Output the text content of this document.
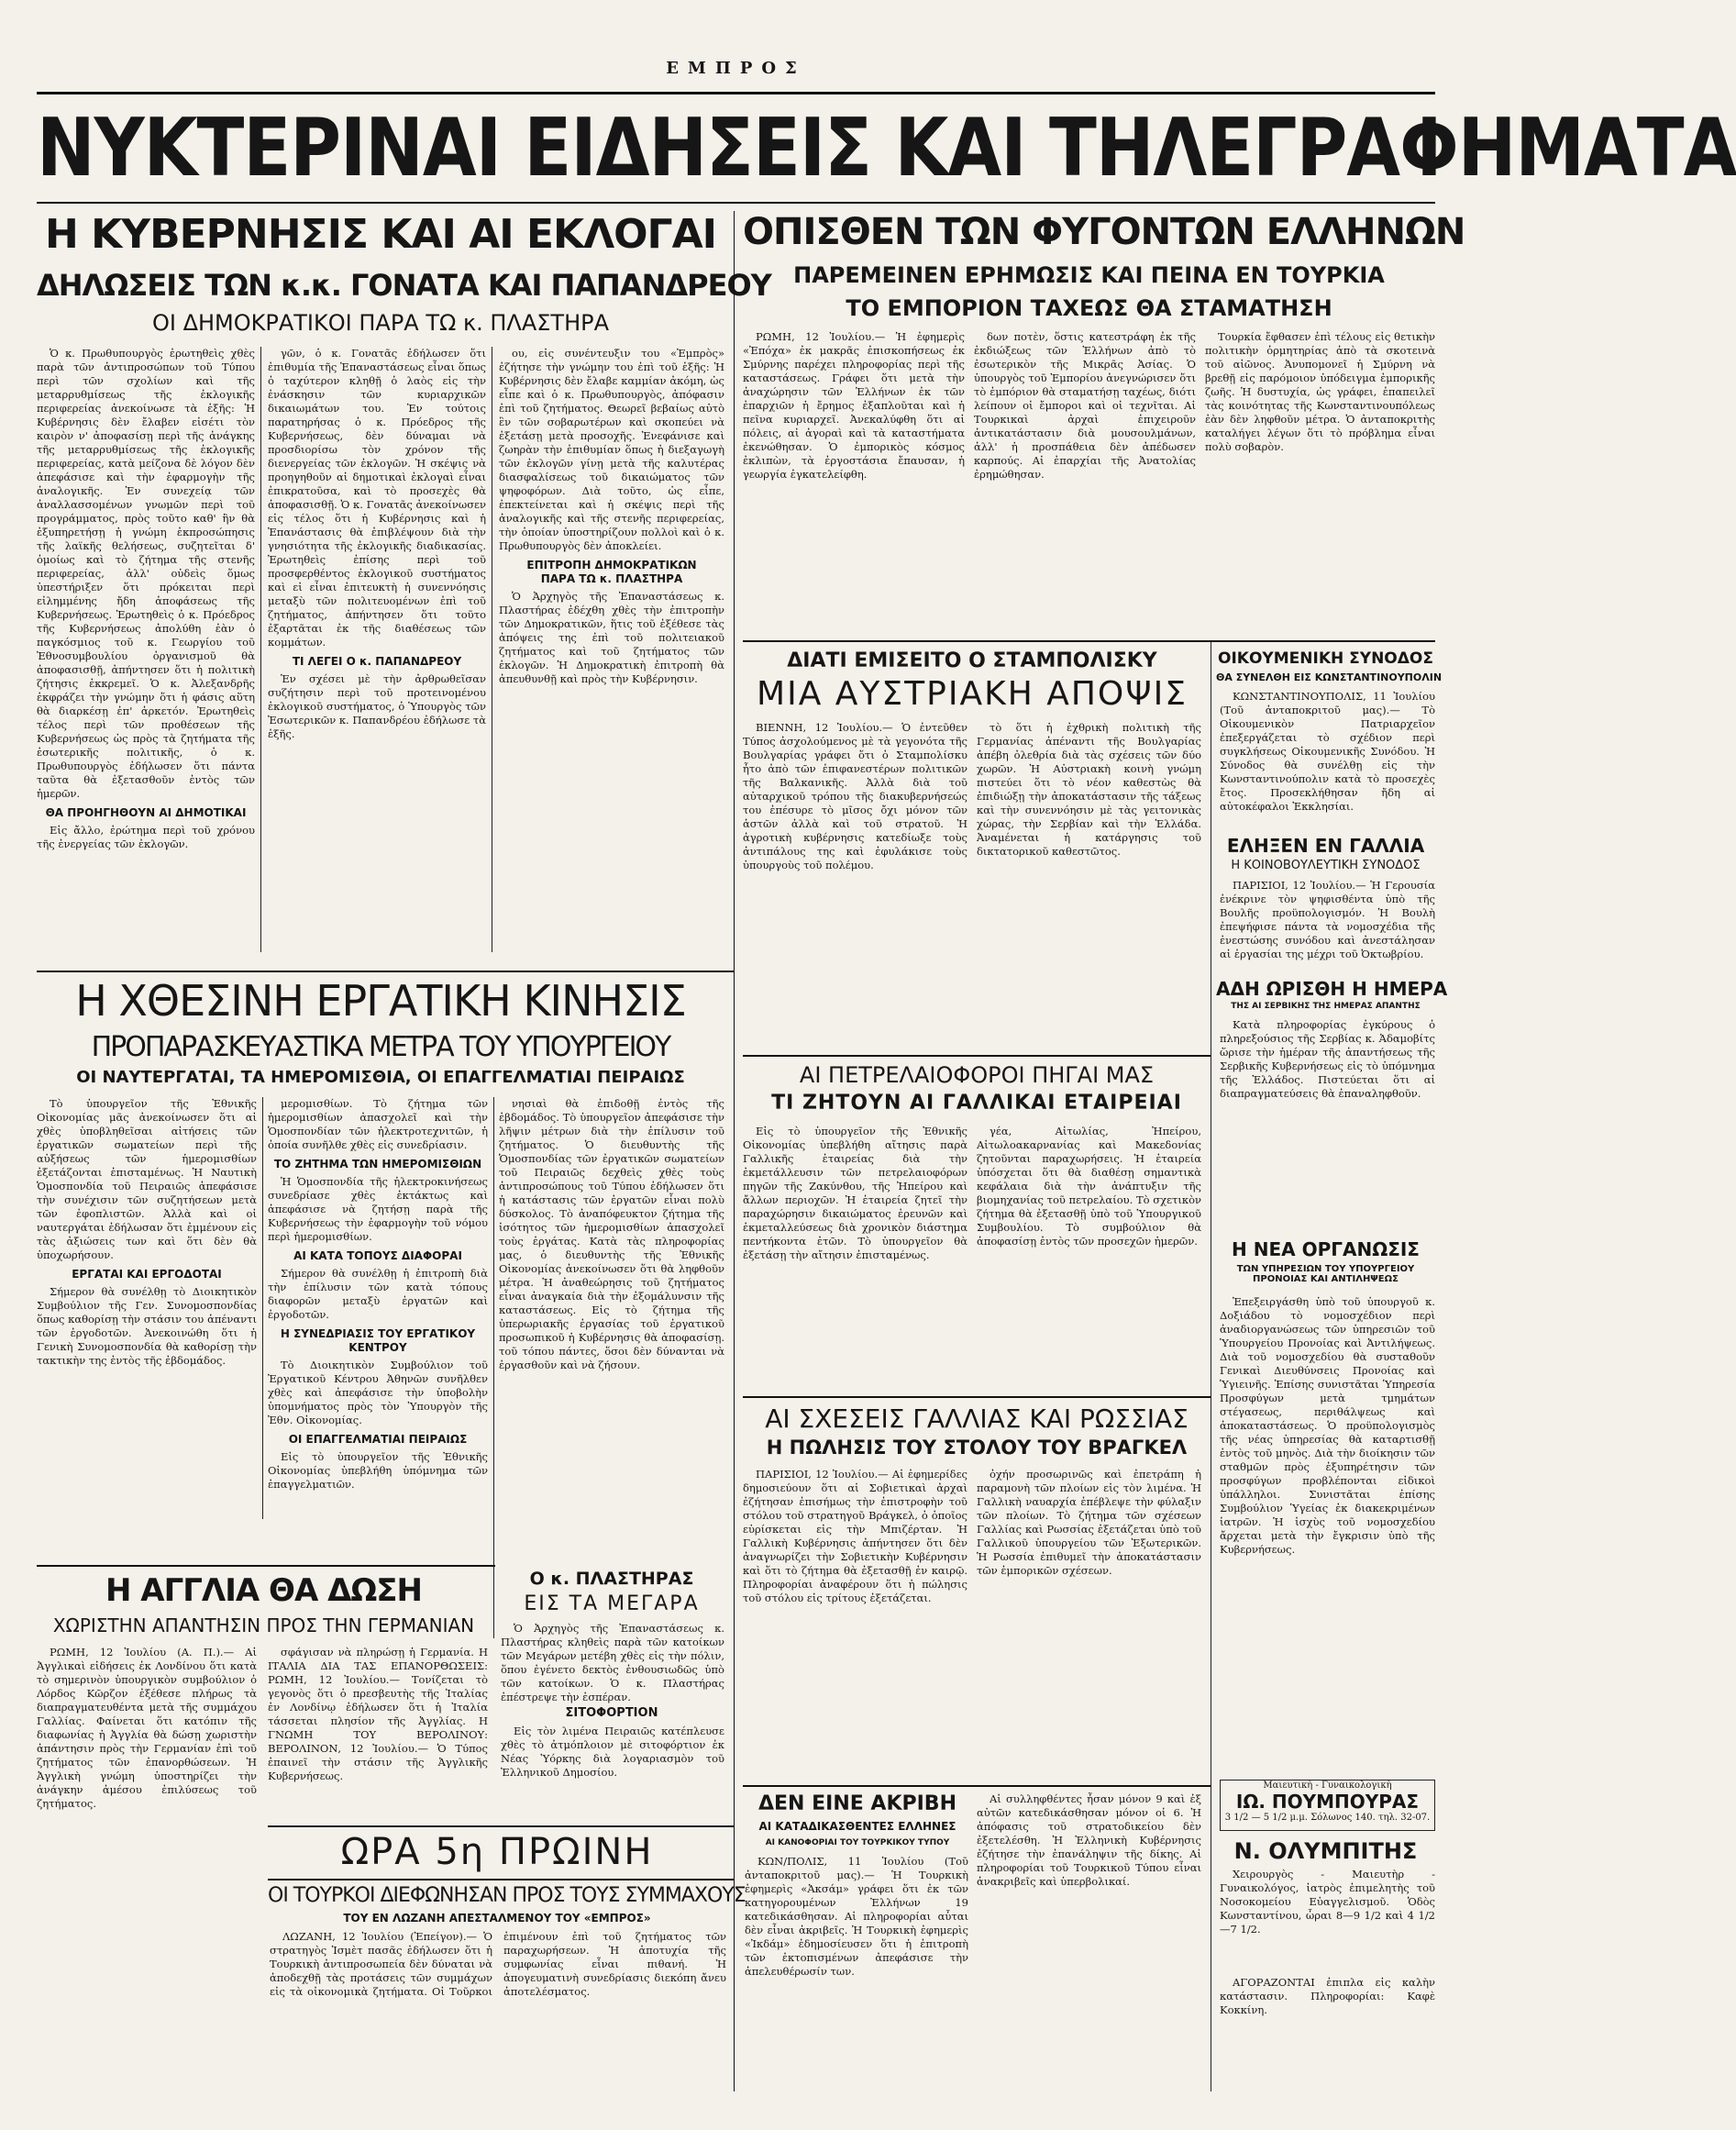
ΕΜΠΡΟΣ
ΝΥΚΤΕΡΙΝΑΙ ΕΙΔΗΣΕΙΣ ΚΑΙ ΤΗΛΕΓΡΑΦΗΜΑΤΑ
Η ΚΥΒΕΡΝΗΣΙΣ ΚΑΙ ΑΙ ΕΚΛΟΓΑΙ
ΔΗΛΩΣΕΙΣ ΤΩΝ κ.κ. ΓΟΝΑΤΑ ΚΑΙ ΠΑΠΑΝΔΡΕΟΥ
ΟΙ ΔΗΜΟΚΡΑΤΙΚΟΙ ΠΑΡΑ ΤΩ κ. ΠΛΑΣΤΗΡΑ

Ὁ κ. Πρωθυπουργὸς ἐρωτηθεὶς χθὲς παρὰ τῶν ἀντιπροσώπων τοῦ Τύπου περὶ τῶν σχολίων καὶ τῆς μεταρρυθμίσεως τῆς ἐκλογικῆς περιφερείας ἀνεκοίνωσε τὰ ἑξῆς: Ἡ Κυβέρνησις δὲν ἔλαβεν εἰσέτι τὸν καιρὸν ν' ἀποφασίσῃ περὶ τῆς ἀνάγκης τῆς μεταρρυθμίσεως τῆς ἐκλογικῆς περιφερείας, κατὰ μείζονα δὲ λόγον δὲν ἀπεφάσισε καὶ τὴν ἐφαρμογὴν τῆς ἀναλογικῆς. Ἐν συνεχείᾳ τῶν ἀναλλασσομένων γνωμῶν περὶ τοῦ προγράμματος, πρὸς τοῦτο καθ' ἣν θὰ ἐξυπηρετήσῃ ἡ γνώμη ἐκπροσώπησις τῆς λαϊκῆς θελήσεως, συζητεῖται δ' ὁμοίως καὶ τὸ ζήτημα τῆς στενῆς περιφερείας, ἀλλ' οὐδεὶς ὅμως ὑπεστήριξεν ὅτι πρόκειται περὶ εἰλημμένης ἤδη ἀποφάσεως τῆς Κυβερνήσεως. Ἐρωτηθεὶς ὁ κ. Πρόεδρος τῆς Κυβερνήσεως ἀπολύθη ἐὰν ὁ παγκόσμιος τοῦ κ. Γεωργίου τοῦ Ἐθνοσυμβουλίου ὀργανισμοῦ θὰ ἀποφασισθῇ, ἀπήντησεν ὅτι ἡ πολιτικὴ ζήτησις ἐκκρεμεῖ. Ὁ κ. Ἀλεξανδρῆς ἐκφράζει τὴν γνώμην ὅτι ἡ φάσις αὕτη θὰ διαρκέσῃ ἐπ' ἀρκετόν. Ἐρωτηθεὶς τέλος περὶ τῶν προθέσεων τῆς Κυβερνήσεως ὡς πρὸς τὰ ζητήματα τῆς ἐσωτερικῆς πολιτικῆς, ὁ κ. Πρωθυπουργὸς ἐδήλωσεν ὅτι πάντα ταῦτα θὰ ἐξετασθοῦν ἐντὸς τῶν ἡμερῶν.

ΘΑ ΠΡΟΗΓΗΘΟΥΝ ΑΙ ΔΗΜΟΤΙΚΑΙ

Εἰς ἄλλο, ἐρώτημα περὶ τοῦ χρόνου τῆς ἐνεργείας τῶν ἐκλογῶν.

γῶν, ὁ κ. Γονατᾶς ἐδήλωσεν ὅτι ἐπιθυμία τῆς Ἐπαναστάσεως εἶναι ὅπως ὁ ταχύτερον κληθῇ ὁ λαὸς εἰς τὴν ἐνάσκησιν τῶν κυριαρχικῶν δικαιωμάτων του. Ἐν τούτοις παρατηρήσας ὁ κ. Πρόεδρος τῆς Κυβερνήσεως, δὲν δύναμαι νὰ προσδιορίσω τὸν χρόνον τῆς διενεργείας τῶν ἐκλογῶν. Ἡ σκέψις νὰ προηγηθοῦν αἱ δημοτικαὶ ἐκλογαὶ εἶναι ἐπικρατοῦσα, καὶ τὸ προσεχὲς θὰ ἀποφασισθῇ. Ὁ κ. Γονατᾶς ἀνεκοίνωσεν εἰς τέλος ὅτι ἡ Κυβέρνησις καὶ ἡ Ἐπανάστασις θὰ ἐπιβλέψουν διὰ τὴν γνησιότητα τῆς ἐκλογικῆς διαδικασίας. Ἐρωτηθεὶς ἐπίσης περὶ τοῦ προσφερθέντος ἐκλογικοῦ συστήματος καὶ εἰ εἶναι ἐπιτευκτὴ ἡ συνεννόησις μεταξὺ τῶν πολιτευομένων ἐπὶ τοῦ ζητήματος, ἀπήντησεν ὅτι τοῦτο ἐξαρτᾶται ἐκ τῆς διαθέσεως τῶν κομμάτων.

ΤΙ ΛΕΓΕΙ Ο κ. ΠΑΠΑΝΔΡΕΟΥ

Ἐν σχέσει μὲ τὴν ἀρθρωθεῖσαν συζήτησιν περὶ τοῦ προτεινομένου ἐκλογικοῦ συστήματος, ὁ Ὑπουργὸς τῶν Ἐσωτερικῶν κ. Παπανδρέου ἐδήλωσε τὰ ἑξῆς.

ου, εἰς συνέντευξιν του «Ἐμπρὸς» ἐζήτησε τὴν γνώμην του ἐπὶ τοῦ ἑξῆς: Ἡ Κυβέρνησις δὲν ἔλαβε καμμίαν ἀκόμη, ὡς εἶπε καὶ ὁ κ. Πρωθυπουργὸς, ἀπόφασιν ἐπὶ τοῦ ζητήματος. Θεωρεῖ βεβαίως αὐτὸ ἓν τῶν σοβαρωτέρων καὶ σκοπεύει νὰ ἐξετάσῃ μετὰ προσοχῆς. Ἐνεφάνισε καὶ ζωηρὰν τὴν ἐπιθυμίαν ὅπως ἡ διεξαγωγὴ τῶν ἐκλογῶν γίνῃ μετὰ τῆς καλυτέρας διασφαλίσεως τοῦ δικαιώματος τῶν ψηφοφόρων. Διὰ τοῦτο, ὡς εἶπε, ἐπεκτείνεται καὶ ἡ σκέψις περὶ τῆς ἀναλογικῆς καὶ τῆς στενῆς περιφερείας, τὴν ὁποίαν ὑποστηρίζουν πολλοὶ καὶ ὁ κ. Πρωθυπουργὸς δὲν ἀποκλείει.

ΕΠΙΤΡΟΠΗ ΔΗΜΟΚΡΑΤΙΚΩΝ
ΠΑΡΑ ΤΩ κ. ΠΛΑΣΤΗΡΑ

Ὁ Ἀρχηγὸς τῆς Ἐπαναστάσεως κ. Πλαστήρας ἐδέχθη χθὲς τὴν ἐπιτροπὴν τῶν Δημοκρατικῶν, ἥτις τοῦ ἐξέθεσε τὰς ἀπόψεις της ἐπὶ τοῦ πολιτειακοῦ ζητήματος καὶ τοῦ ζητήματος τῶν ἐκλογῶν. Ἡ Δημοκρατικὴ ἐπιτροπὴ θὰ ἀπευθυνθῇ καὶ πρὸς τὴν Κυβέρνησιν.

ΟΠΙΣΘΕΝ ΤΩΝ ΦΥΓΟΝΤΩΝ ΕΛΛΗΝΩΝ
ΠΑΡΕΜΕΙΝΕΝ ΕΡΗΜΩΣΙΣ ΚΑΙ ΠΕΙΝΑ ΕΝ ΤΟΥΡΚΙΑ
ΤΟ ΕΜΠΟΡΙΟΝ ΤΑΧΕΩΣ ΘΑ ΣΤΑΜΑΤΗΣΗ

ΡΩΜΗ, 12 Ἰουλίου.— Ἡ ἐφημερὶς «Ἐπόχα» ἐκ μακρᾶς ἐπισκοπήσεως ἐκ Σμύρνης παρέχει πληροφορίας περὶ τῆς καταστάσεως. Γράφει ὅτι μετὰ τὴν ἀναχώρησιν τῶν Ἑλλήνων ἐκ τῶν ἐπαρχιῶν ἡ ἔρημος ἐξαπλοῦται καὶ ἡ πεῖνα κυριαρχεῖ. Ἀνεκαλύφθη ὅτι αἱ πόλεις, αἱ ἀγοραὶ καὶ τὰ καταστήματα ἐκενώθησαν. Ὁ ἐμπορικὸς κόσμος ἐκλιπὼν, τὰ ἐργοστάσια ἔπαυσαν, ἡ γεωργία ἐγκατελείφθη.

δων ποτὲν, ὅστις κατεστράφη ἐκ τῆς ἐκδιώξεως τῶν Ἑλλήνων ἀπὸ τὸ ἐσωτερικὸν τῆς Μικρᾶς Ἀσίας. Ὁ ὑπουργὸς τοῦ Ἐμπορίου ἀνεγνώρισεν ὅτι τὸ ἐμπόριον θὰ σταματήσῃ ταχέως, διότι λείπουν οἱ ἔμποροι καὶ οἱ τεχνῖται. Αἱ Τουρκικαὶ ἀρχαὶ ἐπιχειροῦν ἀντικατάστασιν διὰ μουσουλμάνων, ἀλλ' ἡ προσπάθεια δὲν ἀπέδωσεν καρπούς. Αἱ ἐπαρχίαι τῆς Ἀνατολίας ἐρημώθησαν.

Τουρκία ἔφθασεν ἐπὶ τέλους εἰς θετικὴν πολιτικὴν ὁρμητηρίας ἀπὸ τὰ σκοτεινὰ τοῦ αἰῶνος. Ἀνυπομονεῖ ἡ Σμύρνη νὰ βρεθῇ εἰς παρόμοιον ὑπόδειγμα ἐμπορικῆς ζωῆς. Ἡ δυστυχία, ὡς γράφει, ἐπαπειλεῖ τὰς κοινότητας τῆς Κωνσταντινουπόλεως ἐὰν δὲν ληφθοῦν μέτρα. Ὁ ἀνταποκριτὴς καταλήγει λέγων ὅτι τὸ πρόβλημα εἶναι πολὺ σοβαρὸν.

ΔΙΑΤΙ ΕΜΙΣΕΙΤΟ Ο ΣΤΑΜΠΟΛΙΣΚΥ
ΜΙΑ ΑΥΣΤΡΙΑΚΗ ΑΠΟΨΙΣ

ΒΙΕΝΝΗ, 12 Ἰουλίου.— Ὁ ἐντεῦθεν Τύπος ἀσχολούμενος μὲ τὰ γεγονότα τῆς Βουλγαρίας γράφει ὅτι ὁ Σταμπολίσκυ ἦτο ἀπὸ τῶν ἐπιφανεστέρων πολιτικῶν τῆς Βαλκανικῆς. Ἀλλὰ διὰ τοῦ αὐταρχικοῦ τρόπου τῆς διακυβερνήσεώς του ἐπέσυρε τὸ μῖσος ὄχι μόνον τῶν ἀστῶν ἀλλὰ καὶ τοῦ στρατοῦ. Ἡ ἀγροτικὴ κυβέρνησις κατεδίωξε τοὺς ἀντιπάλους της καὶ ἐφυλάκισε τοὺς ὑπουργοὺς τοῦ πολέμου.

τὸ ὅτι ἡ ἐχθρικὴ πολιτικὴ τῆς Γερμανίας ἀπέναντι τῆς Βουλγαρίας ἀπέβη ὀλεθρία διὰ τὰς σχέσεις τῶν δύο χωρῶν. Ἡ Αὐστριακὴ κοινὴ γνώμη πιστεύει ὅτι τὸ νέον καθεστὼς θὰ ἐπιδιώξῃ τὴν ἀποκατάστασιν τῆς τάξεως καὶ τὴν συνεννόησιν μὲ τὰς γειτονικὰς χώρας, τὴν Σερβίαν καὶ τὴν Ἑλλάδα. Ἀναμένεται ἡ κατάργησις τοῦ δικτατορικοῦ καθεστῶτος.

ΟΙΚΟΥΜΕΝΙΚΗ ΣΥΝΟΔΟΣ
ΘΑ ΣΥΝΕΛΘΗ ΕΙΣ ΚΩΝΣΤΑΝΤΙΝΟΥΠΟΛΙΝ

ΚΩΝΣΤΑΝΤΙΝΟΥΠΟΛΙΣ, 11 Ἰουλίου (Τοῦ ἀνταποκριτοῦ μας).— Τὸ Οἰκουμενικὸν Πατριαρχεῖον ἐπεξεργάζεται τὸ σχέδιον περὶ συγκλήσεως Οἰκουμενικῆς Συνόδου. Ἡ Σύνοδος θὰ συνέλθῃ εἰς τὴν Κωνσταντινούπολιν κατὰ τὸ προσεχὲς ἔτος. Προσεκλήθησαν ἤδη αἱ αὐτοκέφαλοι Ἐκκλησίαι.

ΕΛΗΞΕΝ ΕΝ ΓΑΛΛΙΑ
Η ΚΟΙΝΟΒΟΥΛΕΥΤΙΚΗ ΣΥΝΟΔΟΣ

ΠΑΡΙΣΙΟΙ, 12 Ἰουλίου.— Ἡ Γερουσία ἐνέκρινε τὸν ψηφισθέντα ὑπὸ τῆς Βουλῆς προϋπολογισμόν. Ἡ Βουλὴ ἐπεψήφισε πάντα τὰ νομοσχέδια τῆς ἐνεστώσης συνόδου καὶ ἀνεστάλησαν αἱ ἐργασίαι της μέχρι τοῦ Ὀκτωβρίου.

ΑΔΗ ΩΡΙΣΘΗ Η ΗΜΕΡΑ
ΤΗΣ ΑΙ ΣΕΡΒΙΚΗΣ ΤΗΣ ΗΜΕΡΑΣ ΑΠΑΝΤΗΣ

Κατὰ πληροφορίας ἐγκύρους ὁ πληρεξούσιος τῆς Σερβίας κ. Ἀδαμοβίτς ὥρισε τὴν ἡμέραν τῆς ἀπαντήσεως τῆς Σερβικῆς Κυβερνήσεως εἰς τὸ ὑπόμνημα τῆς Ἑλλάδος. Πιστεύεται ὅτι αἱ διαπραγματεύσεις θὰ ἐπαναληφθοῦν.

Η ΝΕΑ ΟΡΓΑΝΩΣΙΣ
ΤΩΝ ΥΠΗΡΕΣΙΩΝ ΤΟΥ ΥΠΟΥΡΓΕΙΟΥ ΠΡΟΝΟΙΑΣ ΚΑΙ ΑΝΤΙΛΗΨΕΩΣ

Ἐπεξειργάσθη ὑπὸ τοῦ ὑπουργοῦ κ. Δοξιάδου τὸ νομοσχέδιον περὶ ἀναδιοργανώσεως τῶν ὑπηρεσιῶν τοῦ Ὑπουργείου Προνοίας καὶ Ἀντιλήψεως. Διὰ τοῦ νομοσχεδίου θὰ συσταθοῦν Γενικαὶ Διευθύνσεις Προνοίας καὶ Ὑγιεινῆς. Ἐπίσης συνιστᾶται Ὑπηρεσία Προσφύγων μετὰ τμημάτων στέγασεως, περιθάλψεως καὶ ἀποκαταστάσεως. Ὁ προϋπολογισμὸς τῆς νέας ὑπηρεσίας θὰ καταρτισθῇ ἐντὸς τοῦ μηνὸς. Διὰ τὴν διοίκησιν τῶν σταθμῶν πρὸς ἐξυπηρέτησιν τῶν προσφύγων προβλέπονται εἰδικοὶ ὑπάλληλοι. Συνιστᾶται ἐπίσης Συμβούλιον Ὑγείας ἐκ διακεκριμένων ἰατρῶν. Ἡ ἰσχὺς τοῦ νομοσχεδίου ἄρχεται μετὰ τὴν ἔγκρισιν ὑπὸ τῆς Κυβερνήσεως.

Μαιευτικὴ - Γυναικολογικὴ
ΙΩ. ΠΟΥΜΠΟΥΡΑΣ
3 1/2 — 5 1/2 μ.μ. Σόλωνος 140. τηλ. 32-07.
Ν. ΟΛΥΜΠΙΤΗΣ

Χειρουργὸς - Μαιευτὴρ - Γυναικολόγος, ἰατρὸς ἐπιμελητὴς τοῦ Νοσοκομείου Εὐαγγελισμοῦ. Ὁδὸς Κωνσταντίνου, ὧραι 8—9 1/2 καὶ 4 1/2—7 1/2.

ΑΓΟΡΑΖΟΝΤΑΙ ἐπιπλα εἰς καλὴν κατάστασιν. Πληροφορίαι: Καφὲ Κοκκίνη.

Η ΧΘΕΣΙΝΗ ΕΡΓΑΤΙΚΗ ΚΙΝΗΣΙΣ
ΠΡΟΠΑΡΑΣΚΕΥΑΣΤΙΚΑ ΜΕΤΡΑ ΤΟΥ ΥΠΟΥΡΓΕΙΟΥ
ΟΙ ΝΑΥΤΕΡΓΑΤΑΙ, ΤΑ ΗΜΕΡΟΜΙΣΘΙΑ, ΟΙ ΕΠΑΓΓΕΛΜΑΤΙΑΙ ΠΕΙΡΑΙΩΣ

Τὸ ὑπουργεῖον τῆς Ἐθνικῆς Οἰκονομίας μᾶς ἀνεκοίνωσεν ὅτι αἱ χθὲς ὑποβληθεῖσαι αἰτήσεις τῶν ἐργατικῶν σωματείων περὶ τῆς αὐξήσεως τῶν ἡμερομισθίων ἐξετάζονται ἐπισταμένως. Ἡ Ναυτικὴ Ὁμοσπονδία τοῦ Πειραιῶς ἀπεφάσισε τὴν συνέχισιν τῶν συζητήσεων μετὰ τῶν ἐφοπλιστῶν. Ἀλλὰ καὶ οἱ ναυτεργάται ἐδήλωσαν ὅτι ἐμμένουν εἰς τὰς ἀξιώσεις των καὶ ὅτι δὲν θὰ ὑποχωρήσουν.

ΕΡΓΑΤΑΙ ΚΑΙ ΕΡΓΟΔΟΤΑΙ

Σήμερον θὰ συνέλθῃ τὸ Διοικητικὸν Συμβούλιον τῆς Γεν. Συνομοσπονδίας ὅπως καθορίσῃ τὴν στάσιν του ἀπέναντι τῶν ἐργοδοτῶν. Ἀνεκοινώθη ὅτι ἡ Γενικὴ Συνομοσπονδία θὰ καθορίσῃ τὴν τακτικὴν της ἐντὸς τῆς ἐβδομάδος.

μερομισθίων. Τὸ ζήτημα τῶν ἡμερομισθίων ἀπασχολεῖ καὶ τὴν Ὁμοσπονδίαν τῶν ἠλεκτροτεχνιτῶν, ἡ ὁποία συνῆλθε χθὲς εἰς συνεδρίασιν.

ΤΟ ΖΗΤΗΜΑ ΤΩΝ ΗΜΕΡΟΜΙΣΘΙΩΝ

Ἡ Ὁμοσπονδία τῆς ἠλεκτροκινήσεως συνεδρίασε χθὲς ἐκτάκτως καὶ ἀπεφάσισε νὰ ζητήσῃ παρὰ τῆς Κυβερνήσεως τὴν ἐφαρμογὴν τοῦ νόμου περὶ ἡμερομισθίων.

ΑΙ ΚΑΤΑ ΤΟΠΟΥΣ ΔΙΑΦΟΡΑΙ

Σήμερον θὰ συνέλθῃ ἡ ἐπιτροπὴ διὰ τὴν ἐπίλυσιν τῶν κατὰ τόπους διαφορῶν μεταξὺ ἐργατῶν καὶ ἐργοδοτῶν.

Η ΣΥΝΕΔΡΙΑΣΙΣ ΤΟΥ ΕΡΓΑΤΙΚΟΥ ΚΕΝΤΡΟΥ

Τὸ Διοικητικὸν Συμβούλιον τοῦ Ἐργατικοῦ Κέντρου Ἀθηνῶν συνῆλθεν χθὲς καὶ ἀπεφάσισε τὴν ὑποβολὴν ὑπομνήματος πρὸς τὸν Ὑπουργὸν τῆς Ἐθν. Οἰκονομίας.

ΟΙ ΕΠΑΓΓΕΛΜΑΤΙΑΙ ΠΕΙΡΑΙΩΣ

Εἰς τὸ ὑπουργεῖον τῆς Ἐθνικῆς Οἰκονομίας ὑπεβλήθη ὑπόμνημα τῶν ἐπαγγελματιῶν.

νησιαὶ θὰ ἐπιδοθῇ ἐντὸς τῆς ἐβδομάδος. Τὸ ὑπουργεῖον ἀπεφάσισε τὴν λῆψιν μέτρων διὰ τὴν ἐπίλυσιν τοῦ ζητήματος. Ὁ διευθυντὴς τῆς Ὁμοσπονδίας τῶν ἐργατικῶν σωματείων τοῦ Πειραιῶς δεχθεὶς χθὲς τοὺς ἀντιπροσώπους τοῦ Τύπου ἐδήλωσεν ὅτι ἡ κατάστασις τῶν ἐργατῶν εἶναι πολὺ δύσκολος. Τὸ ἀναπόφευκτον ζήτημα τῆς ἰσότητος τῶν ἡμερομισθίων ἀπασχολεῖ τοὺς ἐργάτας. Κατὰ τὰς πληροφορίας μας, ὁ διευθυντὴς τῆς Ἐθνικῆς Οἰκονομίας ἀνεκοίνωσεν ὅτι θὰ ληφθοῦν μέτρα. Ἡ ἀναθεώρησις τοῦ ζητήματος εἶναι ἀναγκαία διὰ τὴν ἐξομάλυνσιν τῆς καταστάσεως. Εἰς τὸ ζήτημα τῆς ὑπερωριακῆς ἐργασίας τοῦ ἐργατικοῦ προσωπικοῦ ἡ Κυβέρνησις θὰ ἀποφασίσῃ. τοῦ τόπου πάντες, ὅσοι δὲν δύνανται νὰ ἐργασθοῦν καὶ νὰ ζήσουν.

ΑΙ ΠΕΤΡΕΛΑΙΟΦΟΡΟΙ ΠΗΓΑΙ ΜΑΣ
ΤΙ ΖΗΤΟΥΝ ΑΙ ΓΑΛΛΙΚΑΙ ΕΤΑΙΡΕΙΑΙ

Εἰς τὸ ὑπουργεῖον τῆς Ἐθνικῆς Οἰκονομίας ὑπεβλήθη αἴτησις παρὰ Γαλλικῆς ἑταιρείας διὰ τὴν ἐκμετάλλευσιν τῶν πετρελαιοφόρων πηγῶν τῆς Ζακύνθου, τῆς Ἠπείρου καὶ ἄλλων περιοχῶν. Ἡ ἑταιρεία ζητεῖ τὴν παραχώρησιν δικαιώματος ἐρευνῶν καὶ ἐκμεταλλεύσεως διὰ χρονικὸν διάστημα πεντήκοντα ἐτῶν. Τὸ ὑπουργεῖον θὰ ἐξετάσῃ τὴν αἴτησιν ἐπισταμένως.

γέα, Αἰτωλίας, Ἠπείρου, Αἰτωλοακαρνανίας καὶ Μακεδονίας ζητοῦνται παραχωρήσεις. Ἡ ἑταιρεία ὑπόσχεται ὅτι θὰ διαθέσῃ σημαντικὰ κεφάλαια διὰ τὴν ἀνάπτυξιν τῆς βιομηχανίας τοῦ πετρελαίου. Τὸ σχετικὸν ζήτημα θὰ ἐξετασθῇ ὑπὸ τοῦ Ὑπουργικοῦ Συμβουλίου. Τὸ συμβούλιον θὰ ἀποφασίσῃ ἐντὸς τῶν προσεχῶν ἡμερῶν.

ΑΙ ΣΧΕΣΕΙΣ ΓΑΛΛΙΑΣ ΚΑΙ ΡΩΣΣΙΑΣ
Η ΠΩΛΗΣΙΣ ΤΟΥ ΣΤΟΛΟΥ ΤΟΥ ΒΡΑΓΚΕΛ

ΠΑΡΙΣΙΟΙ, 12 Ἰουλίου.— Αἱ ἐφημερίδες δημοσιεύουν ὅτι αἱ Σοβιετικαὶ ἀρχαὶ ἐζήτησαν ἐπισήμως τὴν ἐπιστροφὴν τοῦ στόλου τοῦ στρατηγοῦ Βράγκελ, ὁ ὁποῖος εὑρίσκεται εἰς τὴν Μπιζέρταν. Ἡ Γαλλικὴ Κυβέρνησις ἀπήντησεν ὅτι δὲν ἀναγνωρίζει τὴν Σοβιετικὴν Κυβέρνησιν καὶ ὅτι τὸ ζήτημα θὰ ἐξετασθῇ ἐν καιρῷ. Πληροφορίαι ἀναφέρουν ὅτι ἡ πώλησις τοῦ στόλου εἰς τρίτους ἐξετάζεται.

ὀχήν προσωρινῶς καὶ ἐπετράπη ἡ παραμονὴ τῶν πλοίων εἰς τὸν λιμένα. Ἡ Γαλλικὴ ναυαρχία ἐπέβλεψε τὴν φύλαξιν τῶν πλοίων. Τὸ ζήτημα τῶν σχέσεων Γαλλίας καὶ Ρωσσίας ἐξετάζεται ὑπὸ τοῦ Γαλλικοῦ ὑπουργείου τῶν Ἐξωτερικῶν. Ἡ Ρωσσία ἐπιθυμεῖ τὴν ἀποκατάστασιν τῶν ἐμπορικῶν σχέσεων.

ΔΕΝ ΕΙΝΕ ΑΚΡΙΒΗ
ΑΙ ΚΑΤΑΔΙΚΑΣΘΕΝΤΕΣ ΕΛΛΗΝΕΣ
ΑΙ ΚΑΝΟΦΟΡΙΑΙ ΤΟΥ ΤΟΥΡΚΙΚΟΥ ΤΥΠΟΥ

ΚΩΝ/ΠΟΛΙΣ, 11 Ἰουλίου (Τοῦ ἀνταποκριτοῦ μας).— Ἡ Τουρκικὴ ἐφημερὶς «Ἀκσάμ» γράφει ὅτι ἐκ τῶν κατηγορουμένων Ἑλλήνων 19 κατεδικάσθησαν. Αἱ πληροφορίαι αὗται δὲν εἶναι ἀκριβεῖς. Ἡ Τουρκικὴ ἐφημερὶς «Ἰκδάμ» ἐδημοσίευσεν ὅτι ἡ ἐπιτροπὴ τῶν ἐκτοπισμένων ἀπεφάσισε τὴν ἀπελευθέρωσίν των.

Αἱ συλληφθέντες ἦσαν μόνον 9 καὶ ἐξ αὐτῶν κατεδικάσθησαν μόνον οἱ 6. Ἡ ἀπόφασις τοῦ στρατοδικείου δὲν ἐξετελέσθη. Ἡ Ἑλληνικὴ Κυβέρνησις ἐζήτησε τὴν ἐπανάληψιν τῆς δίκης. Αἱ πληροφορίαι τοῦ Τουρκικοῦ Τύπου εἶναι ἀνακριβεῖς καὶ ὑπερβολικαί.

Η ΑΓΓΛΙΑ ΘΑ ΔΩΣΗ
ΧΩΡΙΣΤΗΝ ΑΠΑΝΤΗΣΙΝ ΠΡΟΣ ΤΗΝ ΓΕΡΜΑΝΙΑΝ

ΡΩΜΗ, 12 Ἰουλίου (Α. Π.).— Αἱ Ἀγγλικαὶ εἰδήσεις ἐκ Λονδίνου ὅτι κατὰ τὸ σημερινὸν ὑπουργικὸν συμβούλιον ὁ Λόρδος Κῶρζον ἐξέθεσε πλήρως τὰ διαπραγματευθέντα μετὰ τῆς συμμάχου Γαλλίας. Φαίνεται ὅτι κατόπιν τῆς διαφωνίας ἡ Ἀγγλία θὰ δώσῃ χωριστὴν ἀπάντησιν πρὸς τὴν Γερμανίαν ἐπὶ τοῦ ζητήματος τῶν ἐπανορθώσεων. Ἡ Ἀγγλικὴ γνώμη ὑποστηρίζει τὴν ἀνάγκην ἀμέσου ἐπιλύσεως τοῦ ζητήματος.

σφάγισαν νὰ πληρώσῃ ἡ Γερμανία. Η ΙΤΑΛΙΑ ΔΙΑ ΤΑΣ ΕΠΑΝΟΡΘΩΣΕΙΣ: ΡΩΜΗ, 12 Ἰουλίου.— Τονίζεται τὸ γεγονὸς ὅτι ὁ πρεσβευτὴς τῆς Ἰταλίας ἐν Λονδίνῳ ἐδήλωσεν ὅτι ἡ Ἰταλία τάσσεται πλησίον τῆς Ἀγγλίας. Η ΓΝΩΜΗ ΤΟΥ ΒΕΡΟΛΙΝΟΥ: ΒΕΡΟΛΙΝΟΝ, 12 Ἰουλίου.— Ὁ Τύπος ἐπαινεῖ τὴν στάσιν τῆς Ἀγγλικῆς Κυβερνήσεως.

Ο κ. ΠΛΑΣΤΗΡΑΣ
ΕΙΣ ΤΑ ΜΕΓΑΡΑ

Ὁ Ἀρχηγὸς τῆς Ἐπαναστάσεως κ. Πλαστήρας κληθεὶς παρὰ τῶν κατοίκων τῶν Μεγάρων μετέβη χθὲς εἰς τὴν πόλιν, ὅπου ἐγένετο δεκτὸς ἐνθουσιωδῶς ὑπὸ τῶν κατοίκων. Ὁ κ. Πλαστήρας ἐπέστρεψε τὴν ἑσπέραν.

ΣΙΤΟΦΟΡΤΙΟΝ

Εἰς τὸν λιμένα Πειραιῶς κατέπλευσε χθὲς τὸ ἀτμόπλοιον μὲ σιτοφόρτιον ἐκ Νέας Ὑόρκης διὰ λογαριασμὸν τοῦ Ἐλληνικοῦ Δημοσίου.

ΩΡΑ 5η ΠΡΩΙΝΗ
ΟΙ ΤΟΥΡΚΟΙ ΔΙΕΦΩΝΗΣΑΝ ΠΡΟΣ ΤΟΥΣ ΣΥΜΜΑΧΟΥΣ
ΤΟΥ ΕΝ ΛΩΖΑΝΗ ΑΠΕΣΤΑΛΜΕΝΟΥ ΤΟΥ «ΕΜΠΡΟΣ»

ΛΩΖΑΝΗ, 12 Ἰουλίου (Ἐπείγον).— Ὁ στρατηγὸς Ἰσμὲτ πασᾶς ἐδήλωσεν ὅτι ἡ Τουρκικὴ ἀντιπροσωπεία δὲν δύναται νὰ ἀποδεχθῇ τὰς προτάσεις τῶν συμμάχων εἰς τὰ οἰκονομικὰ ζητήματα. Οἱ Τοῦρκοι ἐπιμένουν ἐπὶ τοῦ ζητήματος τῶν παραχωρήσεων. Ἡ ἀποτυχία τῆς συμφωνίας εἶναι πιθανή. Ἡ ἀπογευματινὴ συνεδρίασις διεκόπη ἄνευ ἀποτελέσματος.
